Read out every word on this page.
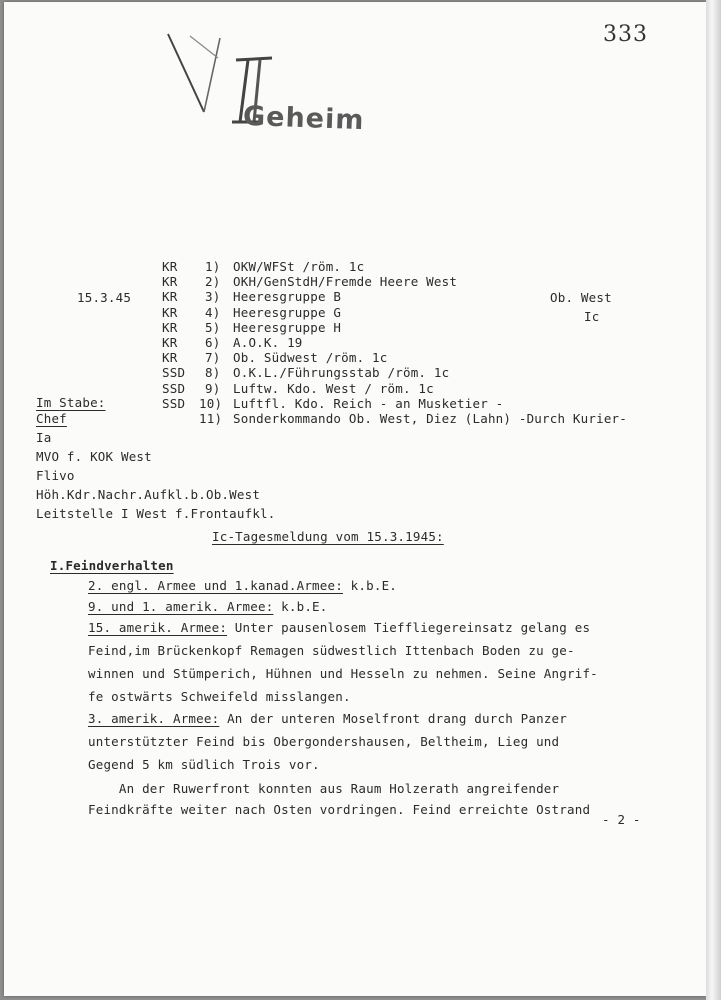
333
Geheim
15.3.45	Ob. West
Ic
KR 1) OKW/WFSt /röm. 1c
KR 2) OKH/GenStdH/Fremde Heere West
KR 3) Heeresgruppe B
KR 4) Heeresgruppe G
KR 5) Heeresgruppe H
KR 6) A.O.K. 19
KR 7) Ob. Südwest /röm. 1c
SSD 8) O.K.L./Führungsstab /röm. 1c
SSD 9) Luftw. Kdo. West / röm. 1c
SSD 10) Luftfl. Kdo. Reich - an Musketier -
11) Sonderkommando Ob. West, Diez (Lahn) -Durch Kurier-
Im Stabe:
Chef
Ia
MVO f. KOK West
Flivo
Höh.Kdr.Nachr.Aufkl.b.Ob.West
Leitstelle I West f.Frontaufkl.
Ic-Tagesmeldung vom 15.3.1945:
I.Feindverhalten
2. engl. Armee und 1.kanad.Armee: k.b.E.
9. und 1. amerik. Armee: k.b.E.
15. amerik. Armee: Unter pausenlosem Tieffliegereinsatz gelang es
Feind,im Brückenkopf Remagen südwestlich Ittenbach Boden zu ge-
winnen und Stümperich, Hühnen und Hesseln zu nehmen. Seine Angrif-
fe ostwärts Schweifeld misslangen.
3. amerik. Armee: An der unteren Moselfront drang durch Panzer
unterstützter Feind bis Obergondershausen, Beltheim, Lieg und
Gegend 5 km südlich Trois vor.
An der Ruwerfront konnten aus Raum Holzerath angreifender
Feindkräfte weiter nach Osten vordringen. Feind erreichte Ostrand
- 2 -
